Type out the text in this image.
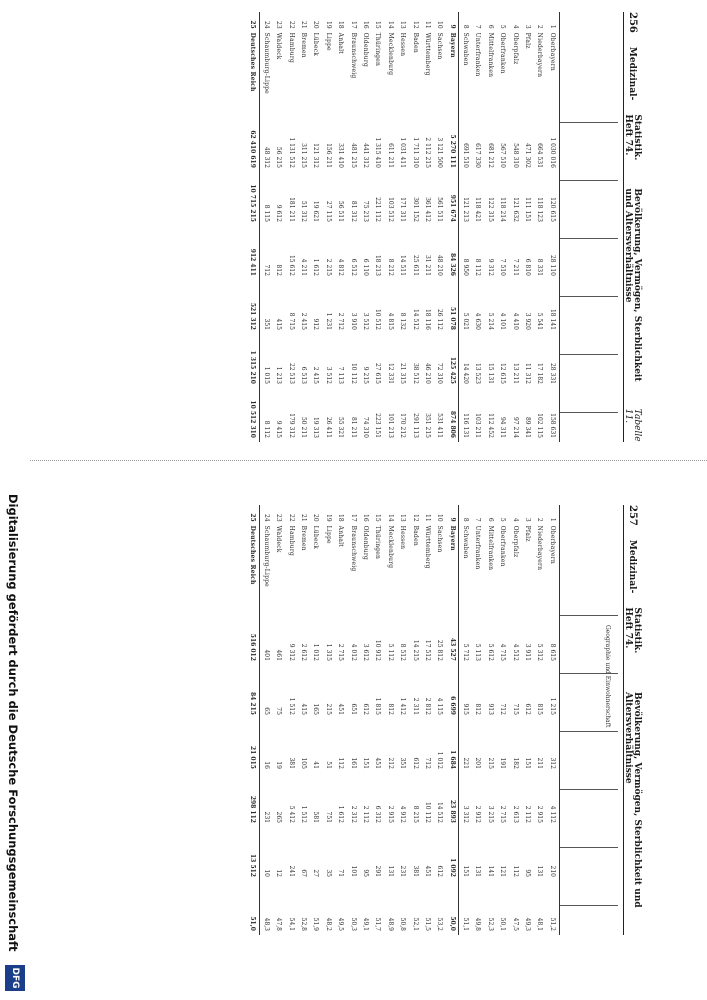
256
Medizinal-
Statistik. Heft 74.
Bevölkerung, Vermögen, Sterblichkeit und Altersverhältnisse
Tabelle 11.
1
Oberbayern
1 030 016
120 615
28 110
18 141
28 331
158 631
2
Niederbayern
664 531
118 123
8 331
5 541
17 182
102 115
3
Pfalz
471 302
111 151
6 810
3 920
11 312
89 341
4
Oberpfalz
548 310
121 632
7 211
4 410
13 211
97 214
5
Oberfranken
567 510
118 214
7 510
4 101
12 615
94 311
6
Mittelfranken
681 212
122 315
9 312
5 214
15 131
112 452
7
Unterfranken
617 330
118 421
8 112
4 630
13 523
103 211
8
Schwaben
691 510
121 213
8 950
5 021
14 420
116 131
9
Bayern
5 270 111
951 674
84 326
51 078
125 425
874 806
10
Sachsen
3 121 500
561 511
48 210
26 112
72 310
531 411
11
Württemberg
2 112 215
361 412
31 211
18 116
46 210
351 215
12
Baden
1 711 310
301 152
25 611
14 512
38 512
291 113
13
Hessen
1 031 411
171 311
14 511
8 132
21 315
170 212
14
Mecklenburg
611 211
103 512
8 212
4 815
12 331
101 213
15
Thüringen
1 315 410
221 112
18 213
10 512
27 615
223 151
16
Oldenburg
441 312
75 213
6 110
3 512
9 215
74 310
17
Braunschweig
481 215
81 312
6 512
3 910
10 112
81 211
18
Anhalt
331 410
56 511
4 812
2 712
7 113
55 321
19
Lippe
156 211
27 115
2 215
1 231
3 512
26 411
20
Lübeck
121 312
19 621
1 612
912
2 415
19 313
21
Bremen
311 215
51 312
4 211
2 415
6 513
50 211
22
Hamburg
1 131 512
181 211
15 612
8 715
22 513
179 312
23
Waldeck
56 215
9 612
812
415
1 213
9 415
24
Schaumburg-Lippe
48 312
8 115
712
351
1 015
8 112
25
Deutsches Reich
62 410 619
10 715 215
912 411
521 312
1 315 210
10 512 310
257
Medizinal-
Statistik. Heft 74.
Bevölkerung, Vermögen, Sterblichkeit und Altersverhältnisse
Geographie und Einwohnerschaft
1
Oberbayern
8 615
1 215
312
4 112
210
51,2
2
Niederbayern
5 312
815
211
2 915
131
48,1
3
Pfalz
3 911
612
151
2 112
95
49,3
4
Oberpfalz
4 512
715
182
2 613
112
47,5
5
Oberfranken
4 715
712
191
2 715
121
50,1
6
Mittelfranken
5 612
913
215
3 215
141
52,3
7
Unterfranken
5 113
812
201
2 912
131
49,8
8
Schwaben
5 712
915
221
3 312
151
51,1
9
Bayern
43 527
6 699
1 684
23 893
1 092
50,0
10
Sachsen
25 812
4 115
1 012
14 512
612
53,2
11
Württemberg
17 512
2 812
712
10 112
451
51,5
12
Baden
14 215
2 311
612
8 215
381
52,1
13
Hessen
8 512
1 412
351
4 912
231
50,8
14
Mecklenburg
5 112
812
212
2 915
131
48,9
15
Thüringen
10 912
1 815
451
6 312
291
51,7
16
Oldenburg
3 612
612
151
2 112
95
49,1
17
Braunschweig
4 012
651
161
2 312
101
50,3
18
Anhalt
2 715
451
112
1 612
71
49,5
19
Lippe
1 315
215
51
751
35
48,2
20
Lübeck
1 012
165
41
581
27
51,9
21
Bremen
2 612
415
105
1 512
67
52,8
22
Hamburg
9 312
1 512
381
5 412
241
54,1
23
Waldeck
461
75
19
265
12
47,8
24
Schaumburg-Lippe
401
65
16
231
10
48,3
25
Deutsches Reich
516 012
84 215
21 015
298 112
13 512
51,0
Digitalisierung gefördert durch die Deutsche Forschungsgemeinschaft
DFG
